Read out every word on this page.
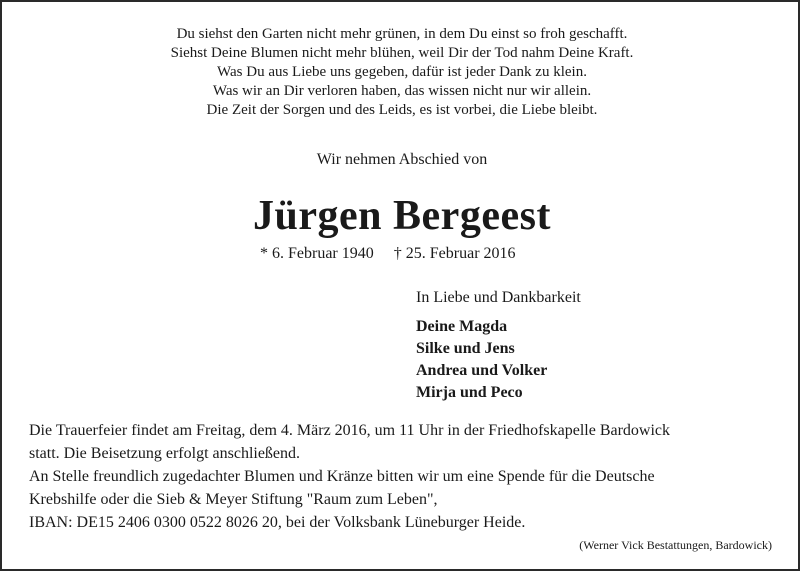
Du siehst den Garten nicht mehr grünen, in dem Du einst so froh geschafft.
Siehst Deine Blumen nicht mehr blühen, weil Dir der Tod nahm Deine Kraft.
Was Du aus Liebe uns gegeben, dafür ist jeder Dank zu klein.
Was wir an Dir verloren haben, das wissen nicht nur wir allein.
Die Zeit der Sorgen und des Leids, es ist vorbei, die Liebe bleibt.
Wir nehmen Abschied von
Jürgen Bergeest
* 6. Februar 1940 † 25. Februar 2016
In Liebe und Dankbarkeit
Deine Magda
Silke und Jens
Andrea und Volker
Mirja und Peco
Die Trauerfeier findet am Freitag, dem 4. März 2016, um 11 Uhr in der Friedhofskapelle Bardowick
statt. Die Beisetzung erfolgt anschließend.
An Stelle freundlich zugedachter Blumen und Kränze bitten wir um eine Spende für die Deutsche
Krebshilfe oder die Sieb & Meyer Stiftung "Raum zum Leben",
IBAN: DE15 2406 0300 0522 8026 20, bei der Volksbank Lüneburger Heide.
(Werner Vick Bestattungen, Bardowick)
